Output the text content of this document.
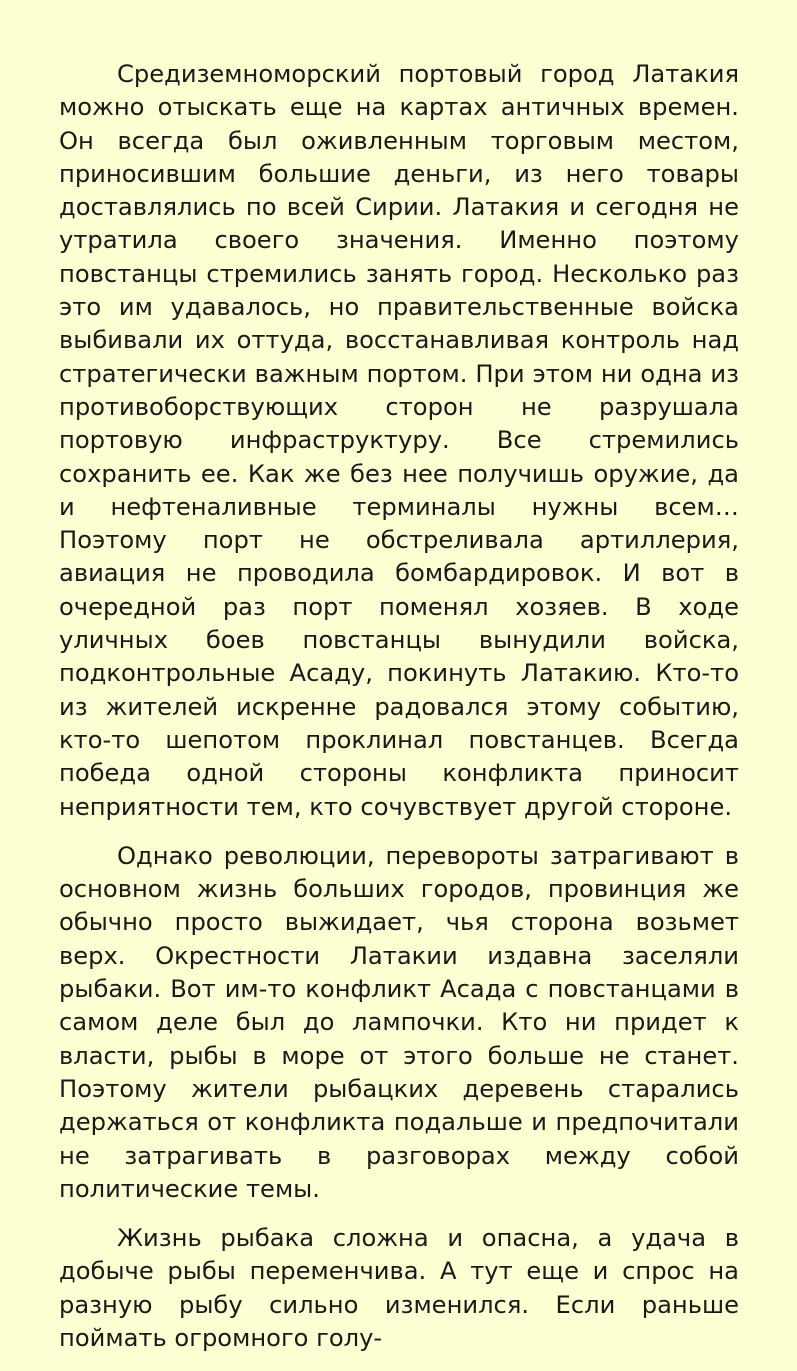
Средиземноморский портовый город Латакия можно отыскать еще на картах античных времен. Он всегда был оживленным торговым местом, приносившим большие деньги, из него товары доставлялись по всей Сирии. Латакия и сегодня не утратила своего значения. Именно поэтому повстанцы стремились занять город. Несколько раз это им удавалось, но правительственные войска выбивали их оттуда, восстанавливая контроль над стратегически важным портом. При этом ни одна из противоборствующих сторон не разрушала портовую инфраструктуру. Все стремились сохранить ее. Как же без нее получишь оружие, да и нефтеналивные терминалы нужны всем… Поэтому порт не обстреливала артиллерия, авиация не проводила бомбардировок. И вот в очередной раз порт поменял хозяев. В ходе уличных боев повстанцы вынудили войска, подконтрольные Асаду, покинуть Латакию. Кто-то из жителей искренне радовался этому событию, кто-то шепотом проклинал повстанцев. Всегда победа одной стороны конфликта приносит неприятности тем, кто сочувствует другой стороне.

Однако революции, перевороты затрагивают в основном жизнь больших городов, провинция же обычно просто выжидает, чья сторона возьмет верх. Окрестности Латакии издавна заселяли рыбаки. Вот им-то конфликт Асада с повстанцами в самом деле был до лампочки. Кто ни придет к власти, рыбы в море от этого больше не станет. Поэтому жители рыбацких деревень старались держаться от конфликта подальше и предпочитали не затрагивать в разговорах между собой политические темы.

Жизнь рыбака сложна и опасна, а удача в добыче рыбы переменчива. А тут еще и спрос на разную рыбу сильно изменился. Если раньше поймать огромного голу-
